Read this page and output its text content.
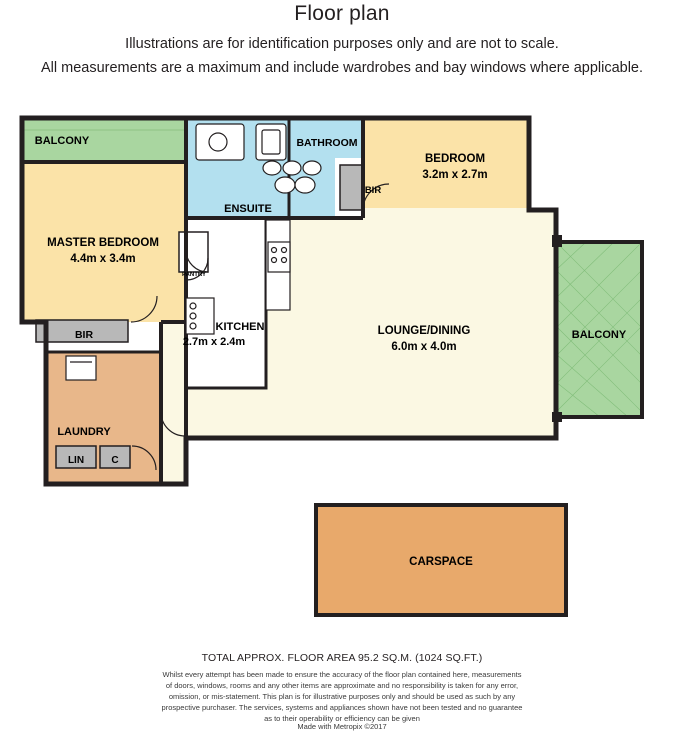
Floor plan
Illustrations are for identification purposes only and are not to scale.
All measurements are a maximum and include wardrobes and bay windows where applicable.
BALCONY
MASTER BEDROOM
4.4m x 3.4m
ENSUITE
BATHROOM
BEDROOM
3.2m x 2.7m
BIR
BIR
PANTRY
KITCHEN
2.7m x 2.4m
LOUNGE/DINING
6.0m x 4.0m
BALCONY
LAUNDRY
LIN	C
CARSPACE
TOTAL APPROX. FLOOR AREA 95.2 SQ.M. (1024 SQ.FT.)
Whilst every attempt has been made to ensure the accuracy of the floor plan contained here, measurements
of doors, windows, rooms and any other items are approximate and no responsibility is taken for any error,
omission, or mis-statement. This plan is for illustrative purposes only and should be used as such by any
prospective purchaser. The services, systems and appliances shown have not been tested and no guarantee
as to their operability or efficiency can be given
Made with Metropix ©2017
